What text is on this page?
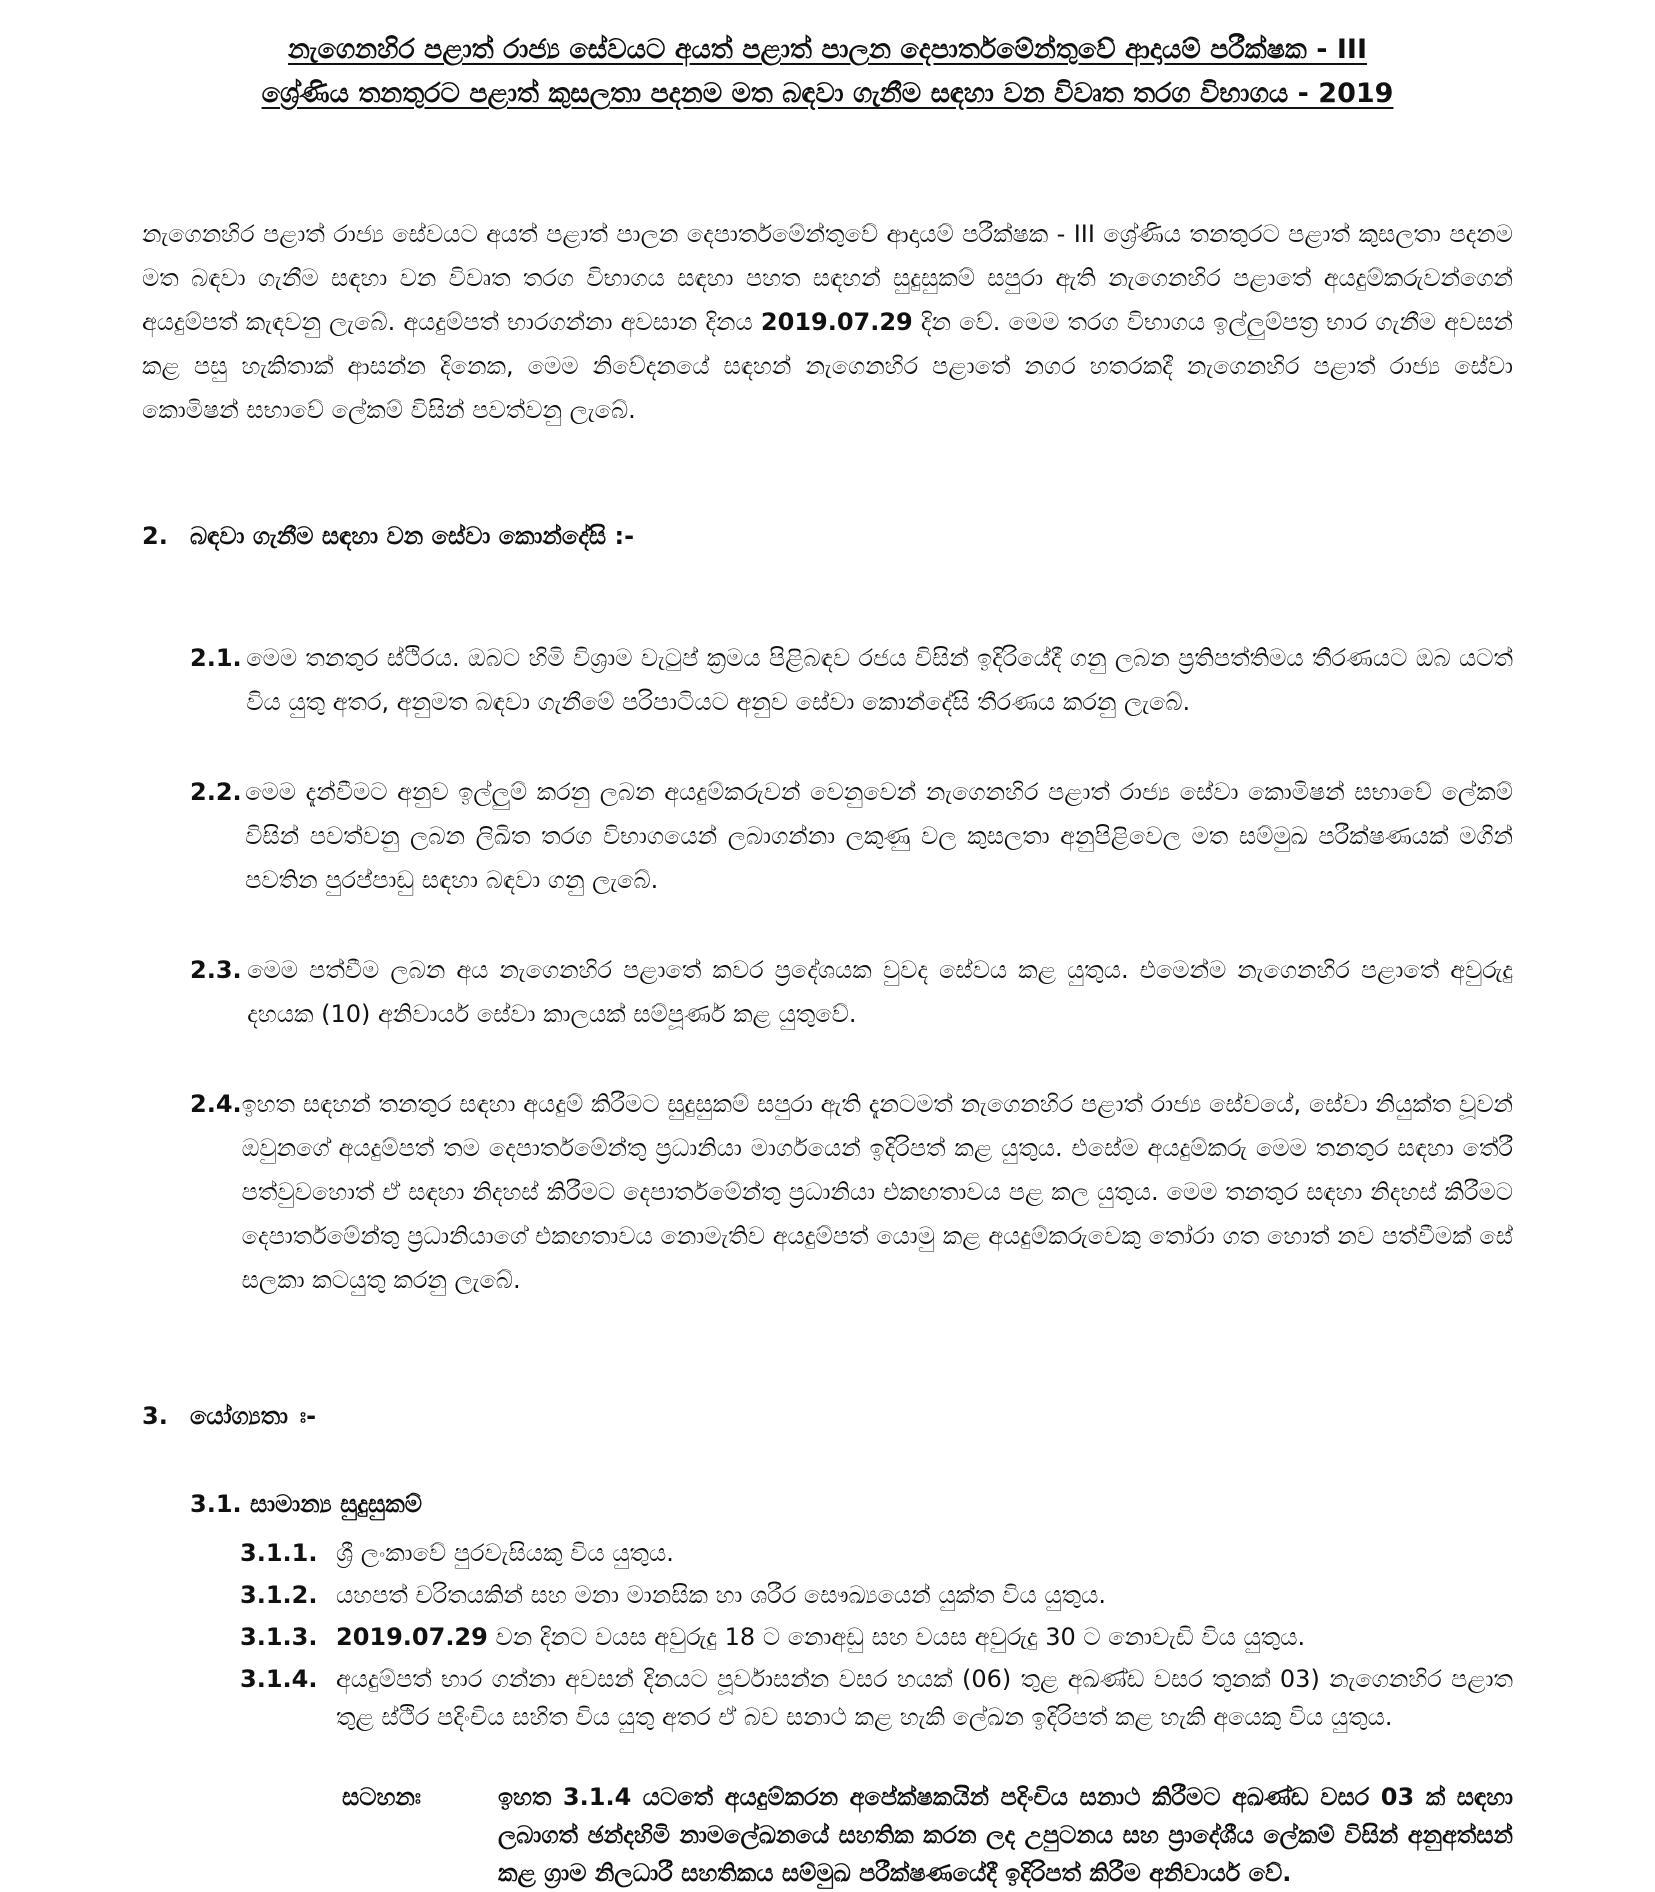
නැගෙනහිර පළාත් රාජ්‍ය සේවයට අයත් පළාත් පාලන දෙපාර්තමේන්තුවේ ආදායම් පරීක්ෂක - III
ශ්‍රේණිය තනතුරට පළාත් කුසලතා පදනම මත බඳවා ගැනීම සඳහා වන විවෘත තරග විභාගය - 2019
නැගෙනහිර පළාත් රාජ්‍ය සේවයට අයත් පළාත් පාලන දෙපාර්තමේන්තුවේ ආදායම් පරීක්ෂක - III ශ්‍රේණිය තනතුරට පළාත් කුසලතා පදනම මත බඳවා ගැනීම සඳහා වන විවෘත තරග විභාගය සඳහා පහත සඳහන් සුදුසුකම් සපුරා ඇති නැගෙනහිර පළාතේ අයදුම්කරුවන්ගෙන් අයදුම්පත් කැඳවනු ලැබේ. අයදුම්පත් භාරගන්නා අවසාන දිනය 2019.07.29 දින වේ. මෙම තරග විභාගය ඉල්ලුම්පත්‍ර භාර ගැනීම අවසන් කළ පසු හැකිතාක් ආසන්න දිනෙක, මෙම නිවේදනයේ සඳහන් නැගෙනහිර පළාතේ නගර හතරකදී නැගෙනහිර පළාත් රාජ්‍ය සේවා කොමිෂන් සභාවේ ලේකම් විසින් පවත්වනු ලැබේ.
2. බඳවා ගැනීම සඳහා වන සේවා කොන්දේසි :-
2.1. මෙම තනතුර ස්ථිරය. ඔබට හිමි විශ්‍රාම වැටුප් ක්‍රමය පිළිබඳව රජය විසින් ඉදිරියේදී ගනු ලබන ප්‍රතිපත්තිමය තීරණයට ඔබ යටත් විය යුතු අතර, අනුමත බඳවා ගැනීමේ පරිපාටියට අනුව සේවා කොන්දේසි තීරණය කරනු ලැබේ.
2.2. මෙම දැන්වීමට අනුව ඉල්ලුම් කරනු ලබන අයදුම්කරුවන් වෙනුවෙන් නැගෙනහිර පළාත් රාජ්‍ය සේවා කොමිෂන් සභාවේ ලේකම් විසින් පවත්වනු ලබන ලිඛිත තරග විභාගයෙන් ලබාගන්නා ලකුණු වල කුසලතා අනුපිළිවෙල මත සම්මුඛ පරීක්ෂණයක් මගින් පවතින පුරප්පාඩු සඳහා බඳවා ගනු ලැබේ.
2.3. මෙම පත්වීම ලබන අය නැගෙනහිර පළාතේ කවර ප්‍රදේශයක වුවද සේවය කළ යුතුය. එමෙන්ම නැගෙනහිර පළාතේ අවුරුදු දහයක (10) අනිවාර්ය සේවා කාලයක් සම්පූර්ණ කළ යුතුවේ.
2.4. ඉහත සඳහන් තනතුර සඳහා අයදුම් කිරීමට සුදුසුකම් සපුරා ඇති දැනටමත් නැගෙනහිර පළාත් රාජ්‍ය සේවයේ, සේවා නියුක්ත වූවන් ඔවුනගේ අයදුම්පත් තම දෙපාර්තමේන්තු ප්‍රධානියා මාර්ගයෙන් ඉදිරිපත් කළ යුතුය. එසේම අයදුම්කරු මෙම තනතුර සඳහා තේරී පත්වුවහොත් ඒ සඳහා නිදහස් කිරීමට දෙපාර්තමේන්තු ප්‍රධානියා එකඟතාවය පළ කල යුතුය. මෙම තනතුර සඳහා නිදහස් කිරීමට දෙපාර්තමේන්තු ප්‍රධානියාගේ එකඟතාවය නොමැතිව අයදුම්පත් යොමු කළ අයදුම්කරුවෙකු තෝරා ගත හොත් නව පත්වීමක් සේ සලකා කටයුතු කරනු ලැබේ.
3. යෝග්‍යතා ඃ-
3.1. සාමාන්‍ය සුදුසුකම්
3.1.1. ශ්‍රී ලංකාවේ පුරවැසියකු විය යුතුය.
3.1.2. යහපත් චරිතයකින් සහ මනා මානසික හා ශරීර සෞඛ්‍යයෙන් යුක්ත විය යුතුය.
3.1.3. 2019.07.29 වන දිනට වයස අවුරුදු 18 ට නොඅඩු සහ වයස අවුරුදු 30 ට නොවැඩි විය යුතුය.
3.1.4. අයදුම්පත් භාර ගන්නා අවසන් දිනයට පූර්වාසන්න වසර හයක් (06) තුළ අඛණ්ඩ වසර තුනක් 03) නැගෙනහිර පළාත තුළ ස්ථිර පදිංචිය සහිත විය යුතු අතර ඒ බව සනාථ කළ හැකි ලේඛන ඉදිරිපත් කළ හැකි අයෙකු විය යුතුය.
සටහනඃ	ඉහත 3.1.4 යටතේ අයදුම්කරන අපේක්ෂකයින් පදිංචිය සනාථ කිරීමට අඛණ්ඩ වසර 03 ක් සඳහා ලබාගත් ඡන්දහිමි නාමලේඛනයේ සහතික කරන ලද උපුටනය සහ ප්‍රාදේශීය ලේකම් විසින් අනුඅත්සන් කළ ග්‍රාම නිලධාරී සහතිකය සම්මුඛ පරීක්ෂණයේදී ඉදිරිපත් කිරීම අනිවාර්ය වේ.
